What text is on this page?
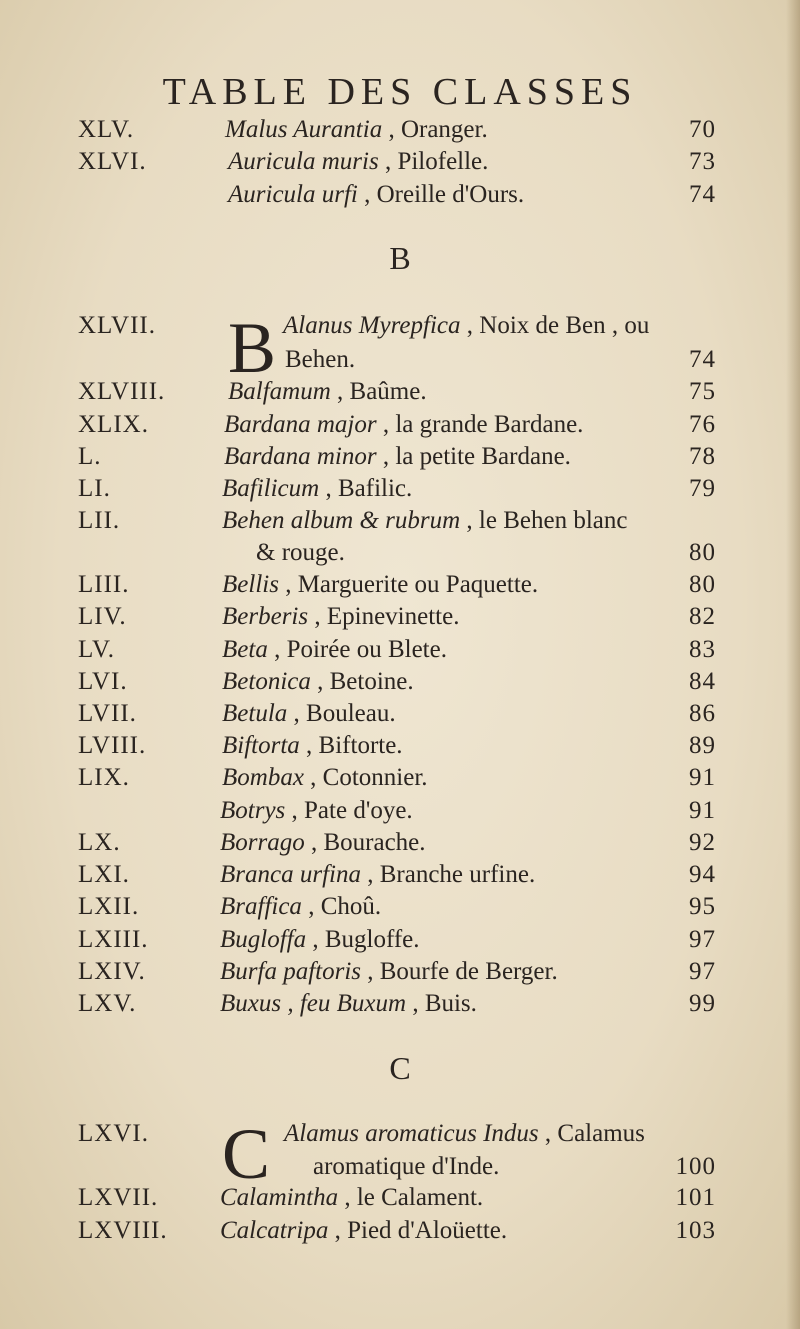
TABLE DES CLASSES
XLV.	Malus Aurantia , Oranger.	70
XLVI.	Auricula muris , Pilofelle.	73
Auricula urfi , Oreille d'Ours.	74
B
XLVII.	Alanus Myrepfica , Noix de Ben , ou
B Behen.	74
XLVIII.	Balfamum , Baûme.	75
XLIX.	Bardana major , la grande Bardane.	76
L.	Bardana minor , la petite Bardane.	78
LI.	Bafilicum , Bafilic.	79
LII.	Behen album & rubrum , le Behen blanc
& rouge.	80
LIII.	Bellis , Marguerite ou Paquette.	80
LIV.	Berberis , Epinevinette.	82
LV.	Beta , Poirée ou Blete.	83
LVI.	Betonica , Betoine.	84
LVII.	Betula , Bouleau.	86
LVIII.	Biftorta , Biftorte.	89
LIX.	Bombax , Cotonnier.	91
Botrys , Pate d'oye.	91
LX.	Borrago , Bourache.	92
LXI.	Branca urfina , Branche urfine.	94
LXII.	Braffica , Choû.	95
LXIII.	Bugloffa , Bugloffe.	97
LXIV.	Burfa paftoris , Bourfe de Berger.	97
LXV.	Buxus , feu Buxum , Buis.	99
C
LXVI.	Alamus aromaticus Indus , Calamus
C aromatique d'Inde.	100
LXVII. Calamintha , le Calament.	101
LXVIII. Calcatripa , Pied d'Aloüette.	103
